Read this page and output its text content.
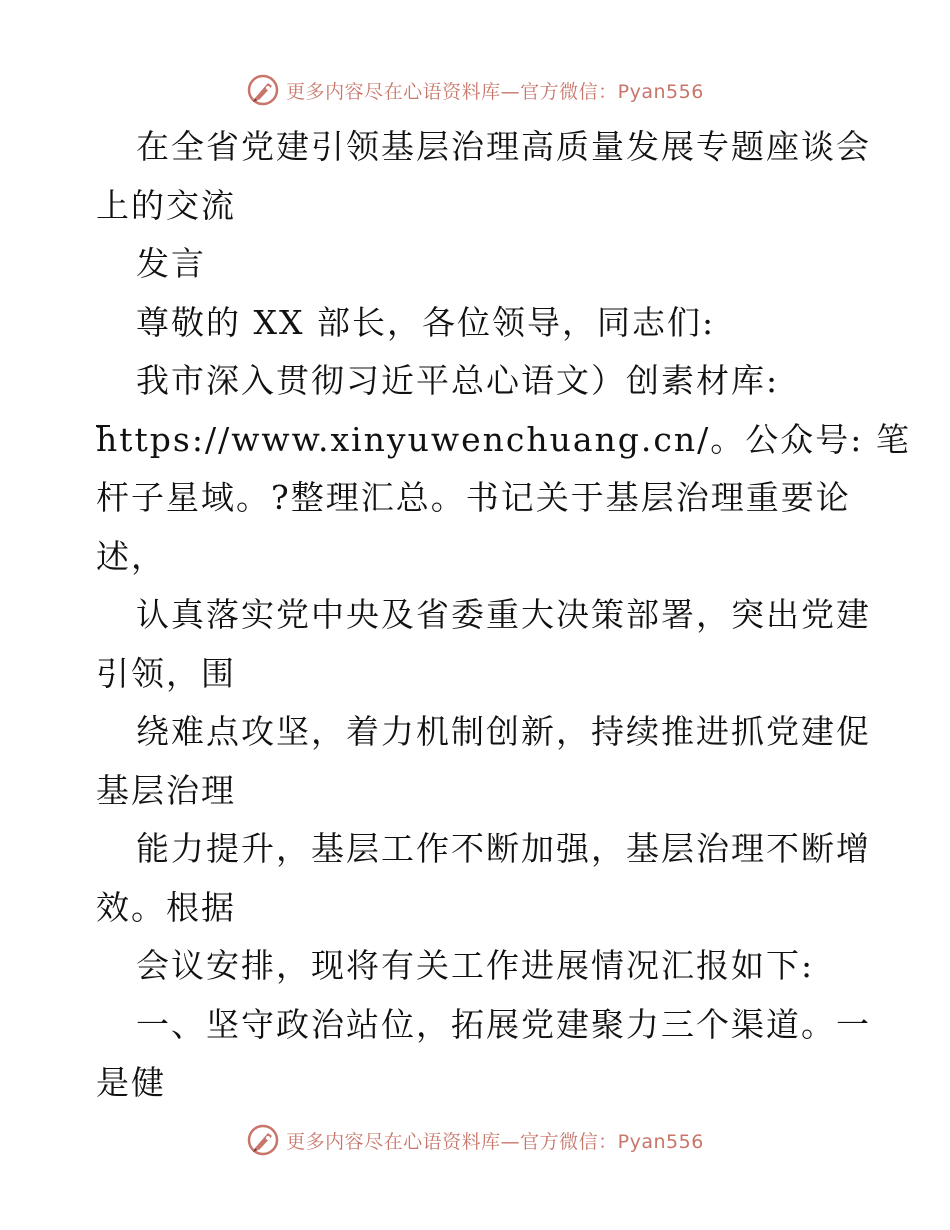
更多内容尽在心语资料库—官方微信：Pyan556
在全省党建引领基层治理高质量发展专题座谈会
上的交流
发言
尊敬的 XX 部长，各位领导，同志们:
我市深入贯彻习近平总心语文）创素材库:
https://www.xinyuwenchuang.cn/。公众号: 笔
杆子星域。?整理汇总。书记关于基层治理重要论
述，
认真落实党中央及省委重大决策部署，突出党建
引领，围
绕难点攻坚，着力机制创新，持续推进抓党建促
基层治理
能力提升，基层工作不断加强，基层治理不断增
效。根据
会议安排，现将有关工作进展情况汇报如下:
一、坚守政治站位，拓展党建聚力三个渠道。一
是健
更多内容尽在心语资料库—官方微信：Pyan556
